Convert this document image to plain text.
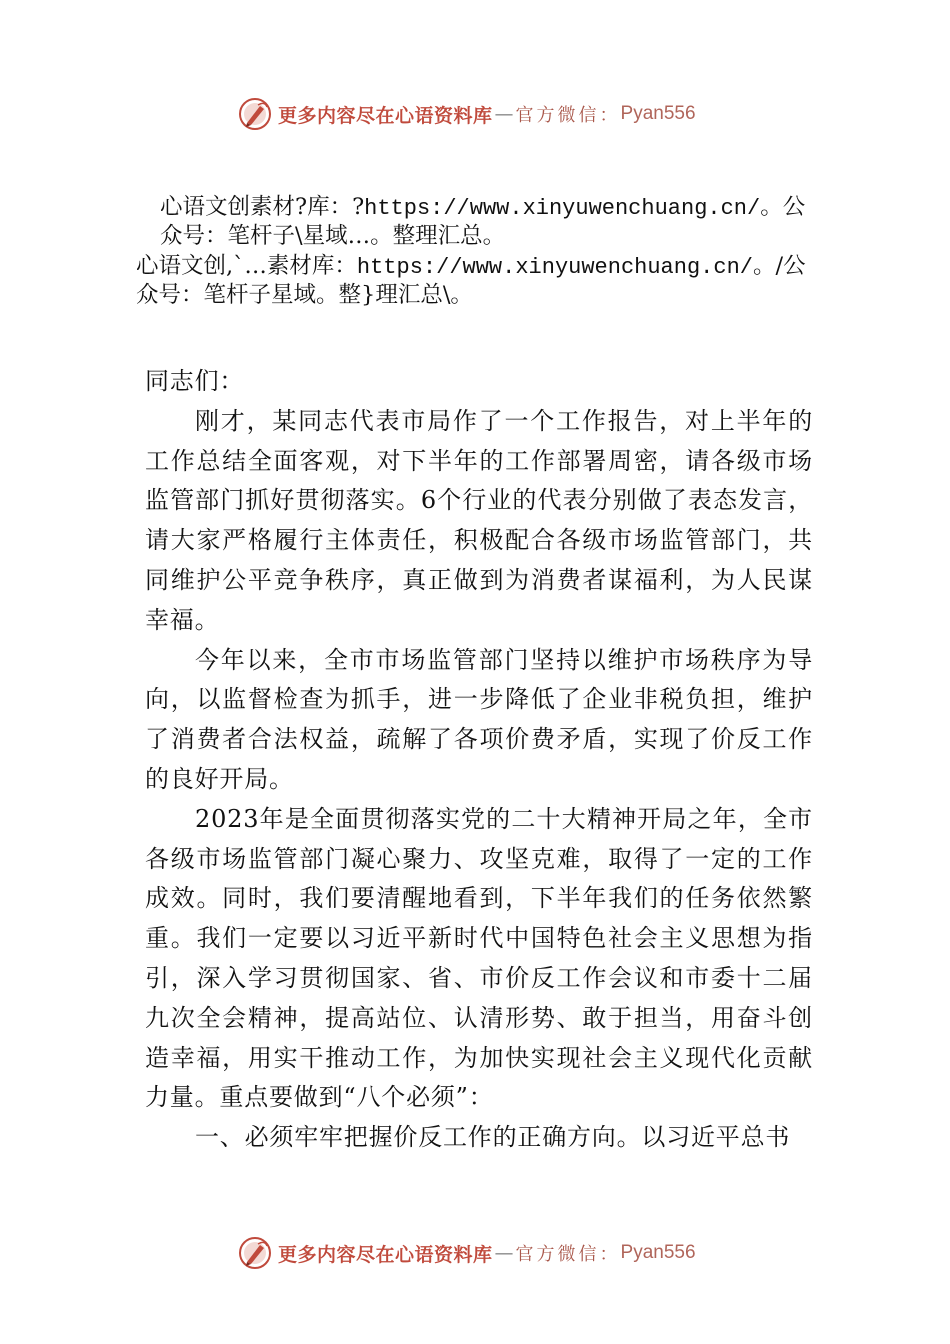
更多内容尽在心语资料库 — 官方微信： Pyan556
心语文创素材?库：?https://www.xinyuwenchuang.cn/。公
众号：笔杆子\星域…。整理汇总。
心语文创,`…素材库：https://www.xinyuwenchuang.cn/。/公
众号：笔杆子星域。整}理汇总\。

同志们：

刚才，某同志代表市局作了一个工作报告，对上半年的工作总结全面客观，对下半年的工作部署周密，请各级市场监管部门抓好贯彻落实。6个行业的代表分别做了表态发言，请大家严格履行主体责任，积极配合各级市场监管部门，共同维护公平竞争秩序，真正做到为消费者谋福利，为人民谋幸福。

今年以来，全市市场监管部门坚持以维护市场秩序为导向，以监督检查为抓手，进一步降低了企业非税负担，维护了消费者合法权益，疏解了各项价费矛盾，实现了价反工作的良好开局。

2023年是全面贯彻落实党的二十大精神开局之年，全市各级市场监管部门凝心聚力、攻坚克难，取得了一定的工作成效。同时，我们要清醒地看到，下半年我们的任务依然繁重。我们一定要以习近平新时代中国特色社会主义思想为指引，深入学习贯彻国家、省、市价反工作会议和市委十二届九次全会精神，提高站位、认清形势、敢于担当，用奋斗创造幸福，用实干推动工作，为加快实现社会主义现代化贡献力量。重点要做到“八个必须”：

一、必须牢牢把握价反工作的正确方向。以习近平总书

更多内容尽在心语资料库 — 官方微信： Pyan556
